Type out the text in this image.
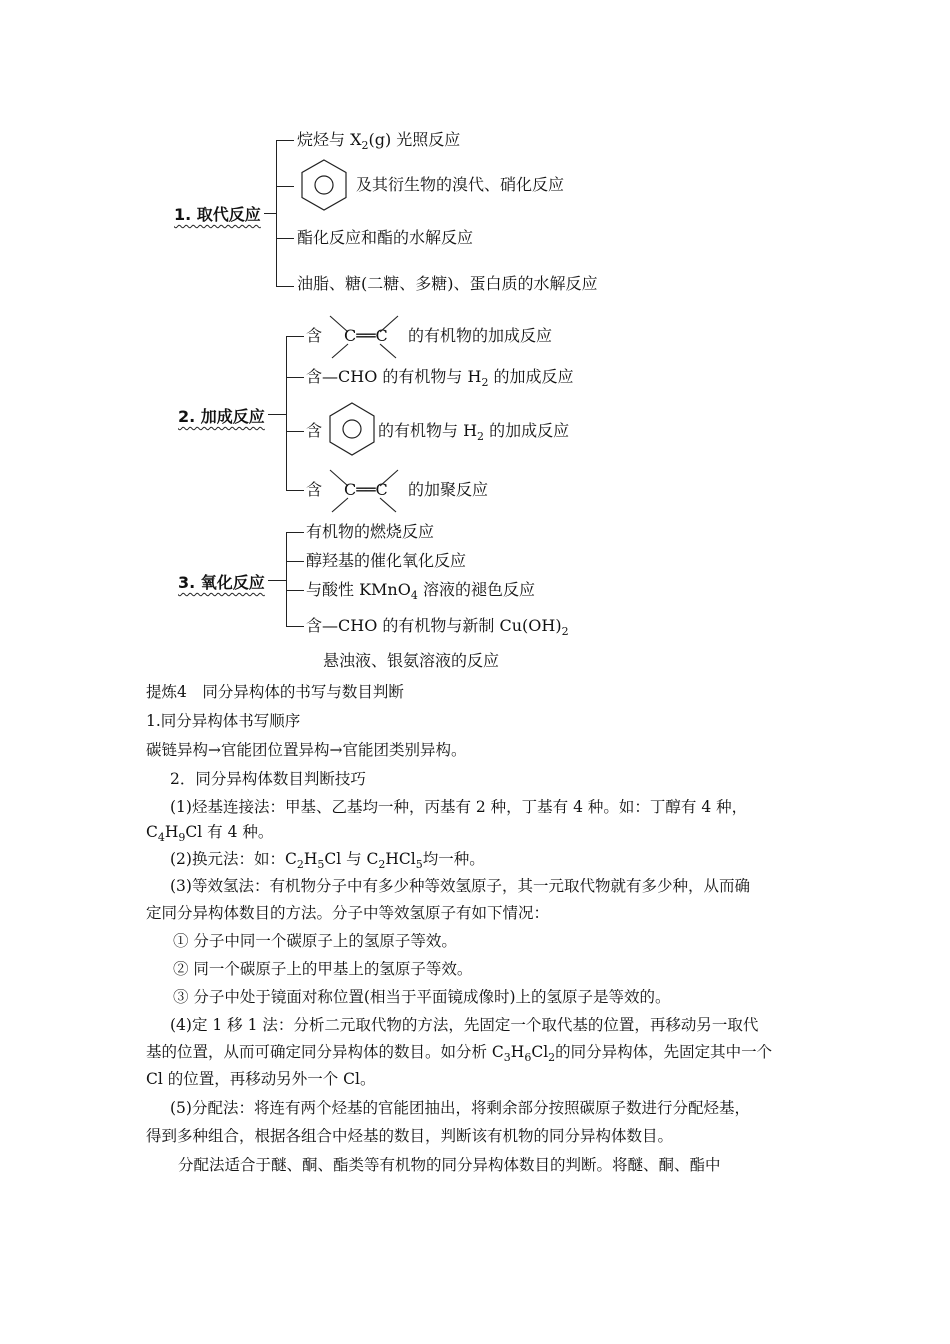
1. 取代反应
烷烃与 $X_2(g)$ 光照反应
及其衍生物的溴代、硝化反应
酯化反应和酯的水解反应
油脂、糖(二糖、多糖)、蛋白质的水解反应
2. 加成反应
含 C══C 的有机物的加成反应
含—CHO 的有机物与 $H_2$ 的加成反应
含	的有机物与 $H_2$ 的加成反应
含 C══C 的加聚反应
3. 氧化反应
有机物的燃烧反应
醇羟基的催化氧化反应
与酸性 KMnO$_4$ 溶液的褪色反应
含—CHO 的有机物与新制 $Cu(OH)_2$
悬浊液、银氨溶液的反应
提炼4　同分异构体的书写与数目判断
1.同分异构体书写顺序
碳链异构→官能团位置异构→官能团类别异构。
2．同分异构体数目判断技巧
(1)烃基连接法：甲基、乙基均一种，丙基有 2 种，丁基有 4 种。如：丁醇有 4 种，
$C_4H_9Cl$ 有 4 种。
(2)换元法：如：$C_2H_5Cl$ 与 $C_2HCl_5$均一种。
(3)等效氢法：有机物分子中有多少种等效氢原子，其一元取代物就有多少种，从而确
定同分异构体数目的方法。分子中等效氢原子有如下情况：
① 分子中同一个碳原子上的氢原子等效。
② 同一个碳原子上的甲基上的氢原子等效。
③ 分子中处于镜面对称位置(相当于平面镜成像时)上的氢原子是等效的。
(4)定 1 移 1 法：分析二元取代物的方法，先固定一个取代基的位置，再移动另一取代
基的位置，从而可确定同分异构体的数目。如分析 $C_3H_6Cl_2$的同分异构体，先固定其中一个
Cl 的位置，再移动另外一个 Cl。
(5)分配法：将连有两个烃基的官能团抽出，将剩余部分按照碳原子数进行分配烃基，
得到多种组合，根据各组合中烃基的数目，判断该有机物的同分异构体数目。
分配法适合于醚、酮、酯类等有机物的同分异构体数目的判断。将醚、酮、酯中
